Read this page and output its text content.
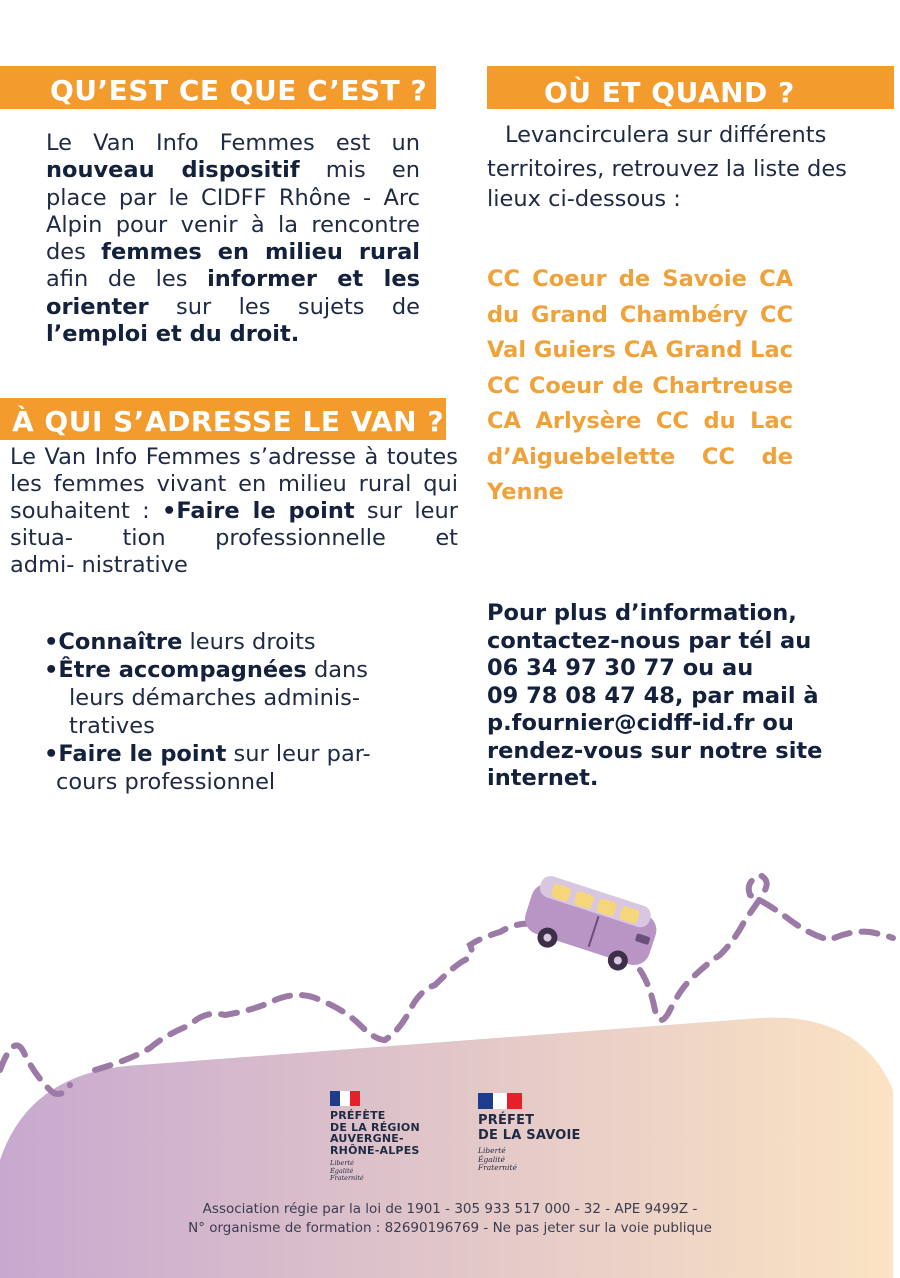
QU’EST CE QUE C’EST ?	OÙ ET QUAND ?
À QUI S’ADRESSE LE VAN ?
Le Van Info Femmes est un nouveau dispositif mis en place par le CIDFF Rhône - Arc Alpin pour venir à la rencontre des femmes en milieu rural afin de les informer et les orienter sur les sujets de
l’emploi et du droit.
Levancirculera sur différents
territoires, retrouvez la liste des
lieux ci-dessous :
CC Coeur de Savoie CA du Grand Chambéry CC Val Guiers CA Grand Lac CC Coeur de Chartreuse CA Arlysère CC du Lac d’Aiguebelette CC de
Yenne
Le Van Info Femmes s’adresse à toutes les femmes vivant en milieu rural qui souhaitent : •Faire le point sur leur situa- tion professionnelle et
admi- nistrative
•Connaître leurs droits
•Être accompagnées dans
leurs démarches adminis-
tratives
•Faire le point sur leur par-
cours professionnel
Pour plus d’information,
contactez-nous par tél au
06 34 97 30 77 ou au
09 78 08 47 48, par mail à
p.fournier@cidff-id.fr ou
rendez-vous sur notre site
internet.
PRÉFÈTE
DE LA RÉGION
AUVERGNE-
RHÔNE-ALPES
Liberté
Égalité
Fraternité
PRÉFET
DE LA SAVOIE
Liberté
Égalité
Fraternité
Association régie par la loi de 1901 - 305 933 517 000 - 32 - APE 9499Z -
N° organisme de formation : 82690196769 - Ne pas jeter sur la voie publique
